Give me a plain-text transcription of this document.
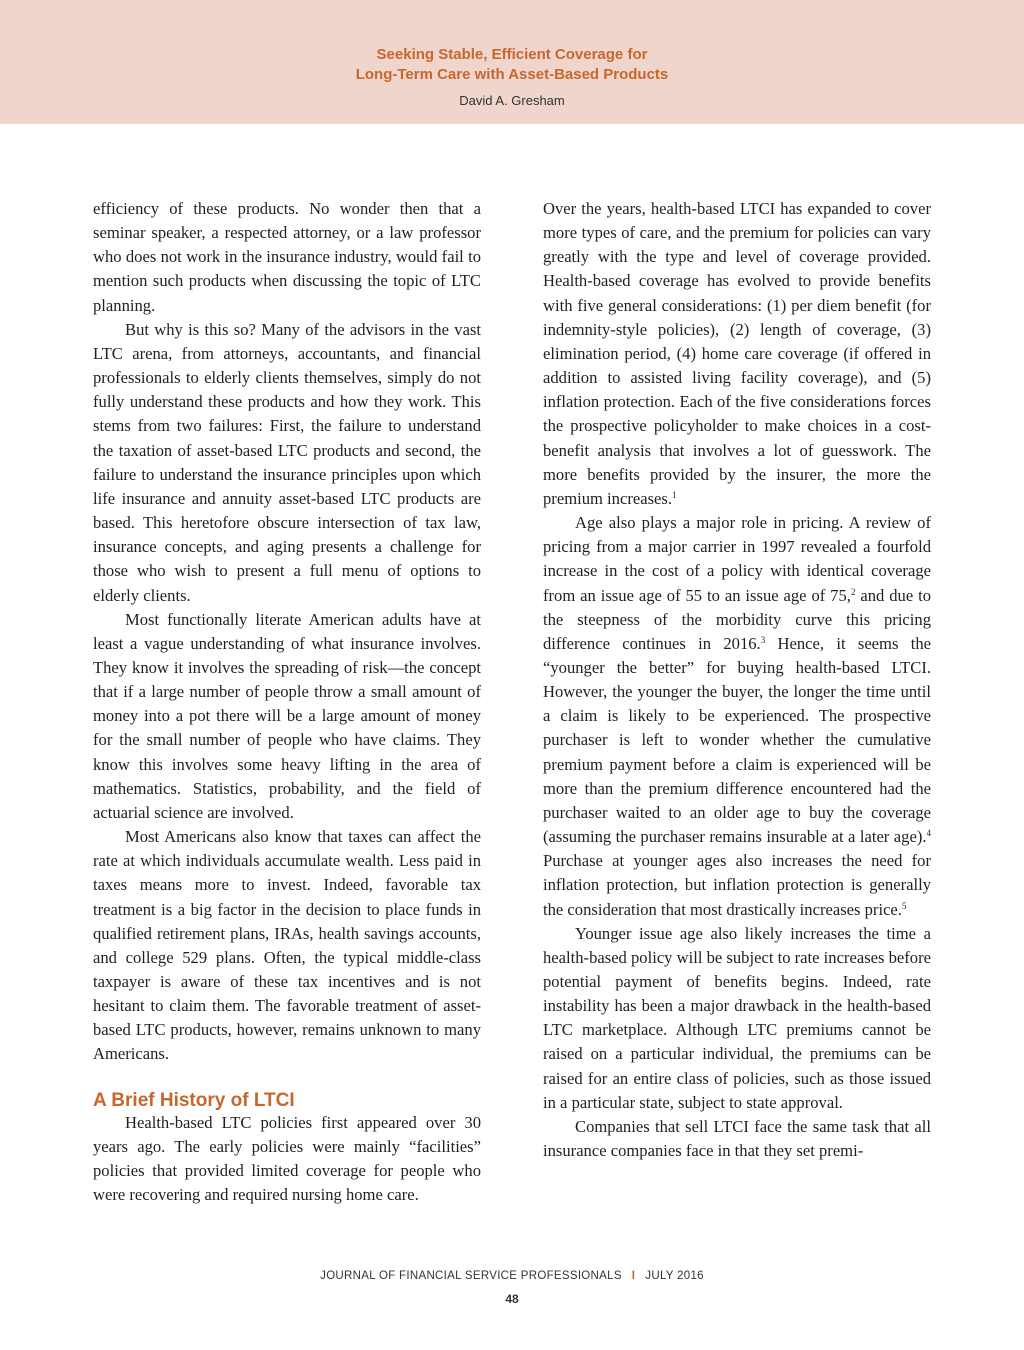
Seeking Stable, Efficient Coverage for
Long-Term Care with Asset-Based Products
David A. Gresham

efficiency of these products. No wonder then that a seminar speaker, a respected attorney, or a law professor who does not work in the insurance industry, would fail to mention such products when discussing the topic of LTC planning.

But why is this so? Many of the advisors in the vast LTC arena, from attorneys, accountants, and financial professionals to elderly clients themselves, simply do not fully understand these products and how they work. This stems from two failures: First, the failure to understand the taxation of asset-based LTC products and second, the failure to understand the insurance principles upon which life insurance and annuity asset-based LTC products are based. This heretofore obscure intersection of tax law, insurance concepts, and aging presents a challenge for those who wish to present a full menu of options to elderly clients.

Most functionally literate American adults have at least a vague understanding of what insurance involves. They know it involves the spreading of risk—the concept that if a large number of people throw a small amount of money into a pot there will be a large amount of money for the small number of people who have claims. They know this involves some heavy lifting in the area of mathematics. Statistics, probability, and the field of actuarial science are involved.

Most Americans also know that taxes can affect the rate at which individuals accumulate wealth. Less paid in taxes means more to invest. Indeed, favorable tax treatment is a big factor in the decision to place funds in qualified retirement plans, IRAs, health savings accounts, and college 529 plans. Often, the typical middle-class taxpayer is aware of these tax incentives and is not hesitant to claim them. The favorable treatment of asset-based LTC products, however, remains unknown to many Americans.

A Brief History of LTCI

Health-based LTC policies first appeared over 30 years ago. The early policies were mainly “facilities” policies that provided limited coverage for people who were recovering and required nursing home care.

Over the years, health-based LTCI has expanded to cover more types of care, and the premium for policies can vary greatly with the type and level of coverage provided. Health-based coverage has evolved to provide benefits with five general considerations: (1) per diem benefit (for indemnity-style policies), (2) length of coverage, (3) elimination period, (4) home care coverage (if offered in addition to assisted living facility coverage), and (5) inflation protection. Each of the five considerations forces the prospective policyholder to make choices in a cost-benefit analysis that involves a lot of guesswork. The more benefits provided by the insurer, the more the premium increases.$^1$

Age also plays a major role in pricing. A review of pricing from a major carrier in 1997 revealed a fourfold increase in the cost of a policy with identical coverage from an issue age of 55 to an issue age of 75,$^2$ and due to the steepness of the morbidity curve this pricing difference continues in 2016.$^3$ Hence, it seems the “younger the better” for buying health-based LTCI. However, the younger the buyer, the longer the time until a claim is likely to be experienced. The prospective purchaser is left to wonder whether the cumulative premium payment before a claim is experienced will be more than the premium difference encountered had the purchaser waited to an older age to buy the coverage (assuming the purchaser remains insurable at a later age).$^4$ Purchase at younger ages also increases the need for inflation protection, but inflation protection is generally the consideration that most drastically increases price.$^5$

Younger issue age also likely increases the time a health-based policy will be subject to rate increases before potential payment of benefits begins. Indeed, rate instability has been a major drawback in the health-based LTC marketplace. Although LTC premiums cannot be raised on a particular individual, the premiums can be raised for an entire class of policies, such as those issued in a particular state, subject to state approval.

Companies that sell LTCI face the same task that all insurance companies face in that they set premi-

JOURNAL OF FINANCIAL SERVICE PROFESSIONALS I JULY 2016
48
